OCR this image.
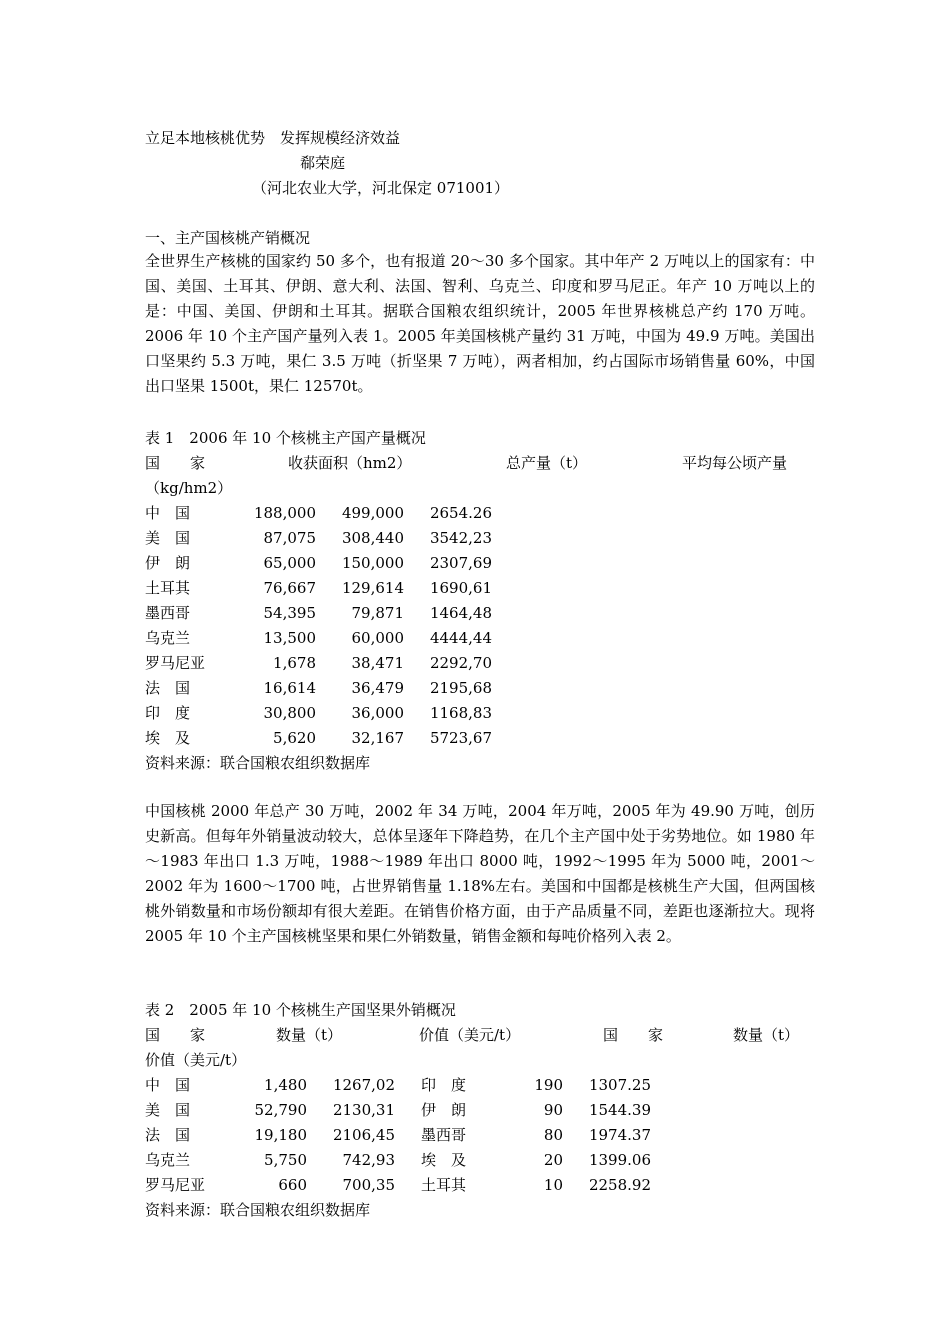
立足本地核桃优势　发挥规模经济效益
郗荣庭
（河北农业大学，河北保定 071001）
一、主产国核桃产销概况
全世界生产核桃的国家约 50 多个，也有报道 20～30 多个国家。其中年产 2 万吨以上的国家有：中国、美国、土耳其、伊朗、意大利、法国、智利、乌克兰、印度和罗马尼正。年产 10 万吨以上的是：中国、美国、伊朗和土耳其。据联合国粮农组织统计，2005 年世界核桃总产约 170 万吨。2006 年 10 个主产国产量列入表 1。2005 年美国核桃产量约 31 万吨，中国为 49.9 万吨。美国出口坚果约 5.3 万吨，果仁 3.5 万吨（折坚果 7 万吨），两者相加，约占国际市场销售量 60%，中国出口坚果 1500t，果仁 12570t。
表 1　2006 年 10 个核桃主产国产量概况
国　　家	收获面积（hm2）	总产量（t）	平均每公顷产量
（kg/hm2）
中　国	188,000 499,000 2654.26
美　国	87,075 308,440 3542,23
伊　朗	65,000 150,000 2307,69
土耳其	76,667 129,614 1690,61
墨西哥	54,395 79,871 1464,48
乌克兰	13,500 60,000 4444,44
罗马尼亚	1,678 38,471 2292,70
法　国	16,614 36,479 2195,68
印　度	30,800 36,000 1168,83
埃　及	5,620 32,167 5723,67
资料来源：联合国粮农组织数据库
中国核桃 2000 年总产 30 万吨，2002 年 34 万吨，2004 年万吨，2005 年为 49.90 万吨，创历史新高。但每年外销量波动较大，总体呈逐年下降趋势，在几个主产国中处于劣势地位。如 1980 年～1983 年出口 1.3 万吨，1988～1989 年出口 8000 吨，1992～1995 年为 5000 吨，2001～2002 年为 1600～1700 吨，占世界销售量 1.18%左右。美国和中国都是核桃生产大国，但两国核桃外销数量和市场份额却有很大差距。在销售价格方面，由于产品质量不同，差距也逐渐拉大。现将 2005 年 10 个主产国核桃坚果和果仁外销数量，销售金额和每吨价格列入表 2。
表 2　2005 年 10 个核桃生产国坚果外销概况
国　　家	数量（t）	价值（美元/t）	国　　家	数量（t）
价值（美元/t）
中　国	1,480 1267,02 印　度	190 1307.25
美　国	52,790 2130,31 伊　朗	90 1544.39
法　国	19,180 2106,45 墨西哥	80 1974.37
乌克兰	5,750 742,93 埃　及	20 1399.06
罗马尼亚	660 700,35 土耳其	10 2258.92
资料来源：联合国粮农组织数据库
